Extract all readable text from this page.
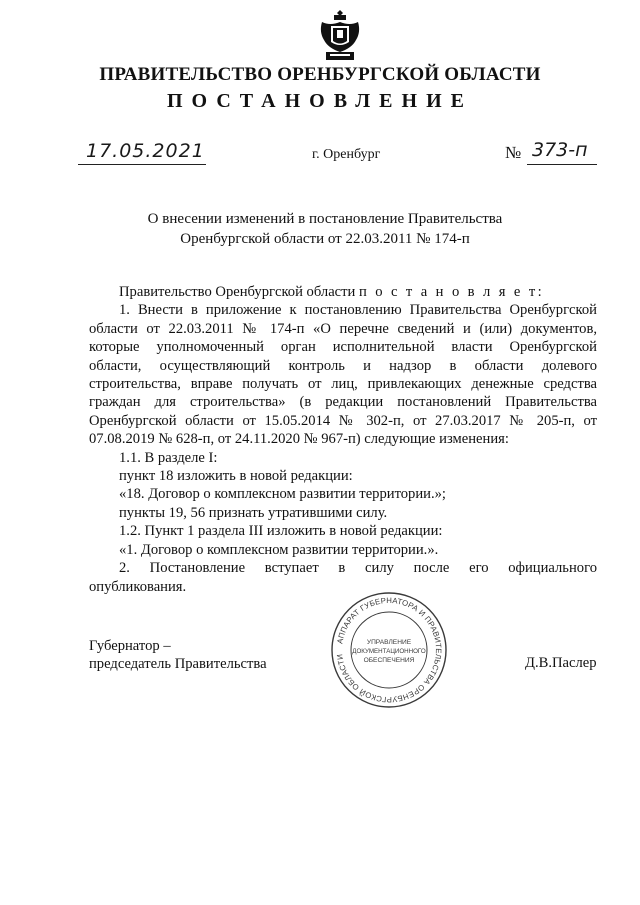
ПРАВИТЕЛЬСТВО ОРЕНБУРГСКОЙ ОБЛАСТИ
ПОСТАНОВЛЕНИЕ
17.05.2021	г. Оренбург	№ 373-п
О внесении изменений в постановление Правительства
Оренбургской области от 22.03.2011 № 174-п

Правительство Оренбургской области п о с т а н о в л я е т:

1. Внести в приложение к постановлению Правительства Оренбургской

области от 22.03.2011 № 174-п «О перечне сведений и (или) документов,

которые уполномоченный орган исполнительной власти Оренбургской

области, осуществляющий контроль и надзор в области долевого

строительства, вправе получать от лиц, привлекающих денежные средства

граждан для строительства» (в редакции постановлений Правительства

Оренбургской области от 15.05.2014 № 302-п, от 27.03.2017 № 205-п, от

07.08.2019 № 628-п, от 24.11.2020 № 967-п) следующие изменения:

1.1. В разделе I:

пункт 18 изложить в новой редакции:

«18. Договор о комплексном развитии территории.»;

пункты 19, 56 признать утратившими силу.

1.2. Пункт 1 раздела III изложить в новой редакции:

«1. Договор о комплексном развитии территории.».

2. Постановление вступает в силу после его официального

опубликования.

Губернатор –
председатель Правительства	Д.В.Паслер
АППАРАТ ГУБЕРНАТОРА И ПРАВИТЕЛЬСТВА ОРЕНБУРГСКОЙ ОБЛАСТИ
УПРАВЛЕНИЕ
ДОКУМЕНТАЦИОННОГО
ОБЕСПЕЧЕНИЯ
